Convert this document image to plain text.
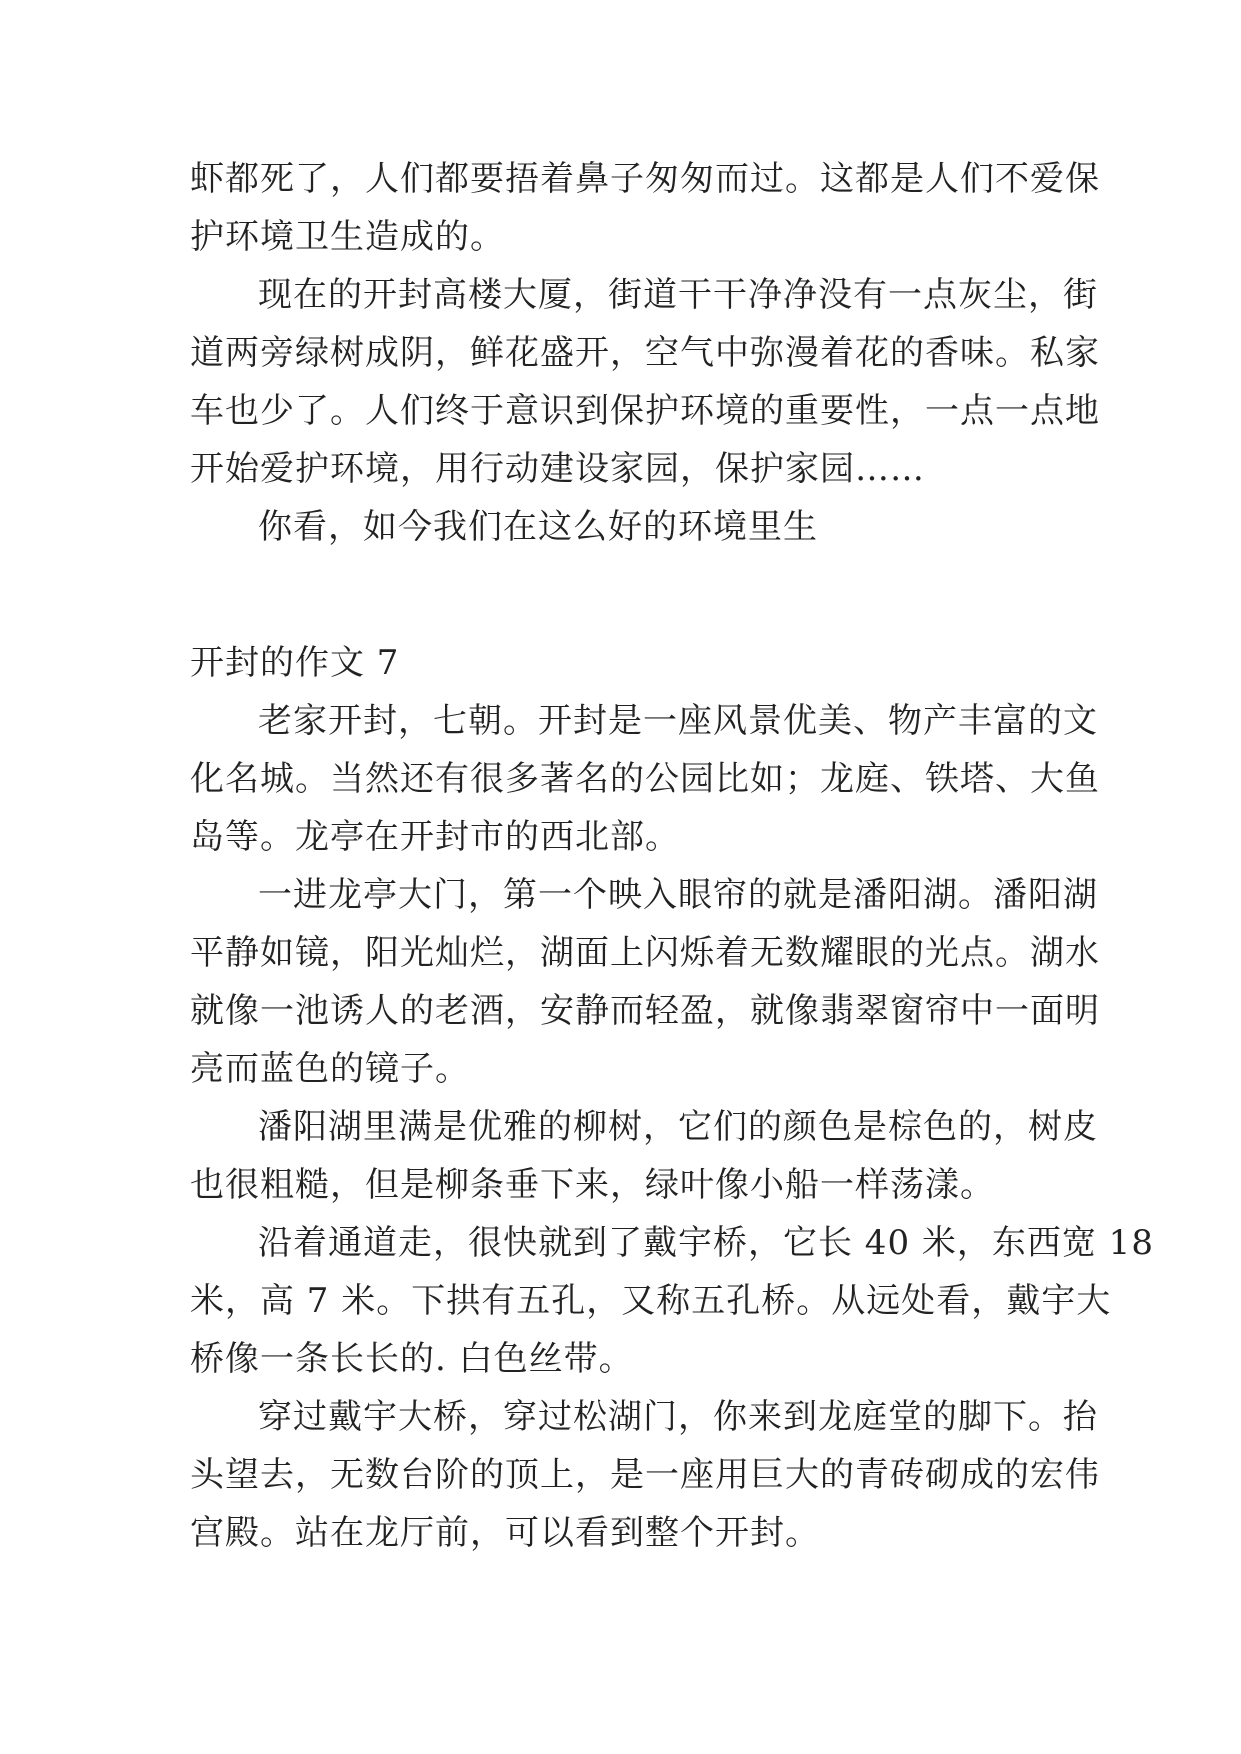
虾都死了，人们都要捂着鼻子匆匆而过。这都是人们不爱保
护环境卫生造成的。
现在的开封高楼大厦，街道干干净净没有一点灰尘，街
道两旁绿树成阴，鲜花盛开，空气中弥漫着花的香味。私家
车也少了。人们终于意识到保护环境的重要性，一点一点地
开始爱护环境，用行动建设家园，保护家园……
你看，如今我们在这么好的环境里生
开封的作文 7
老家开封，七朝。开封是一座风景优美、物产丰富的文
化名城。当然还有很多著名的公园比如；龙庭、铁塔、大鱼
岛等。龙亭在开封市的西北部。
一进龙亭大门，第一个映入眼帘的就是潘阳湖。潘阳湖
平静如镜，阳光灿烂，湖面上闪烁着无数耀眼的光点。湖水
就像一池诱人的老酒，安静而轻盈，就像翡翠窗帘中一面明
亮而蓝色的镜子。
潘阳湖里满是优雅的柳树，它们的颜色是棕色的，树皮
也很粗糙，但是柳条垂下来，绿叶像小船一样荡漾。
沿着通道走，很快就到了戴宇桥，它长 40 米，东西宽 18
米，高 7 米。下拱有五孔，又称五孔桥。从远处看，戴宇大
桥像一条长长的. 白色丝带。
穿过戴宇大桥，穿过松湖门，你来到龙庭堂的脚下。抬
头望去，无数台阶的顶上，是一座用巨大的青砖砌成的宏伟
宫殿。站在龙厅前，可以看到整个开封。
